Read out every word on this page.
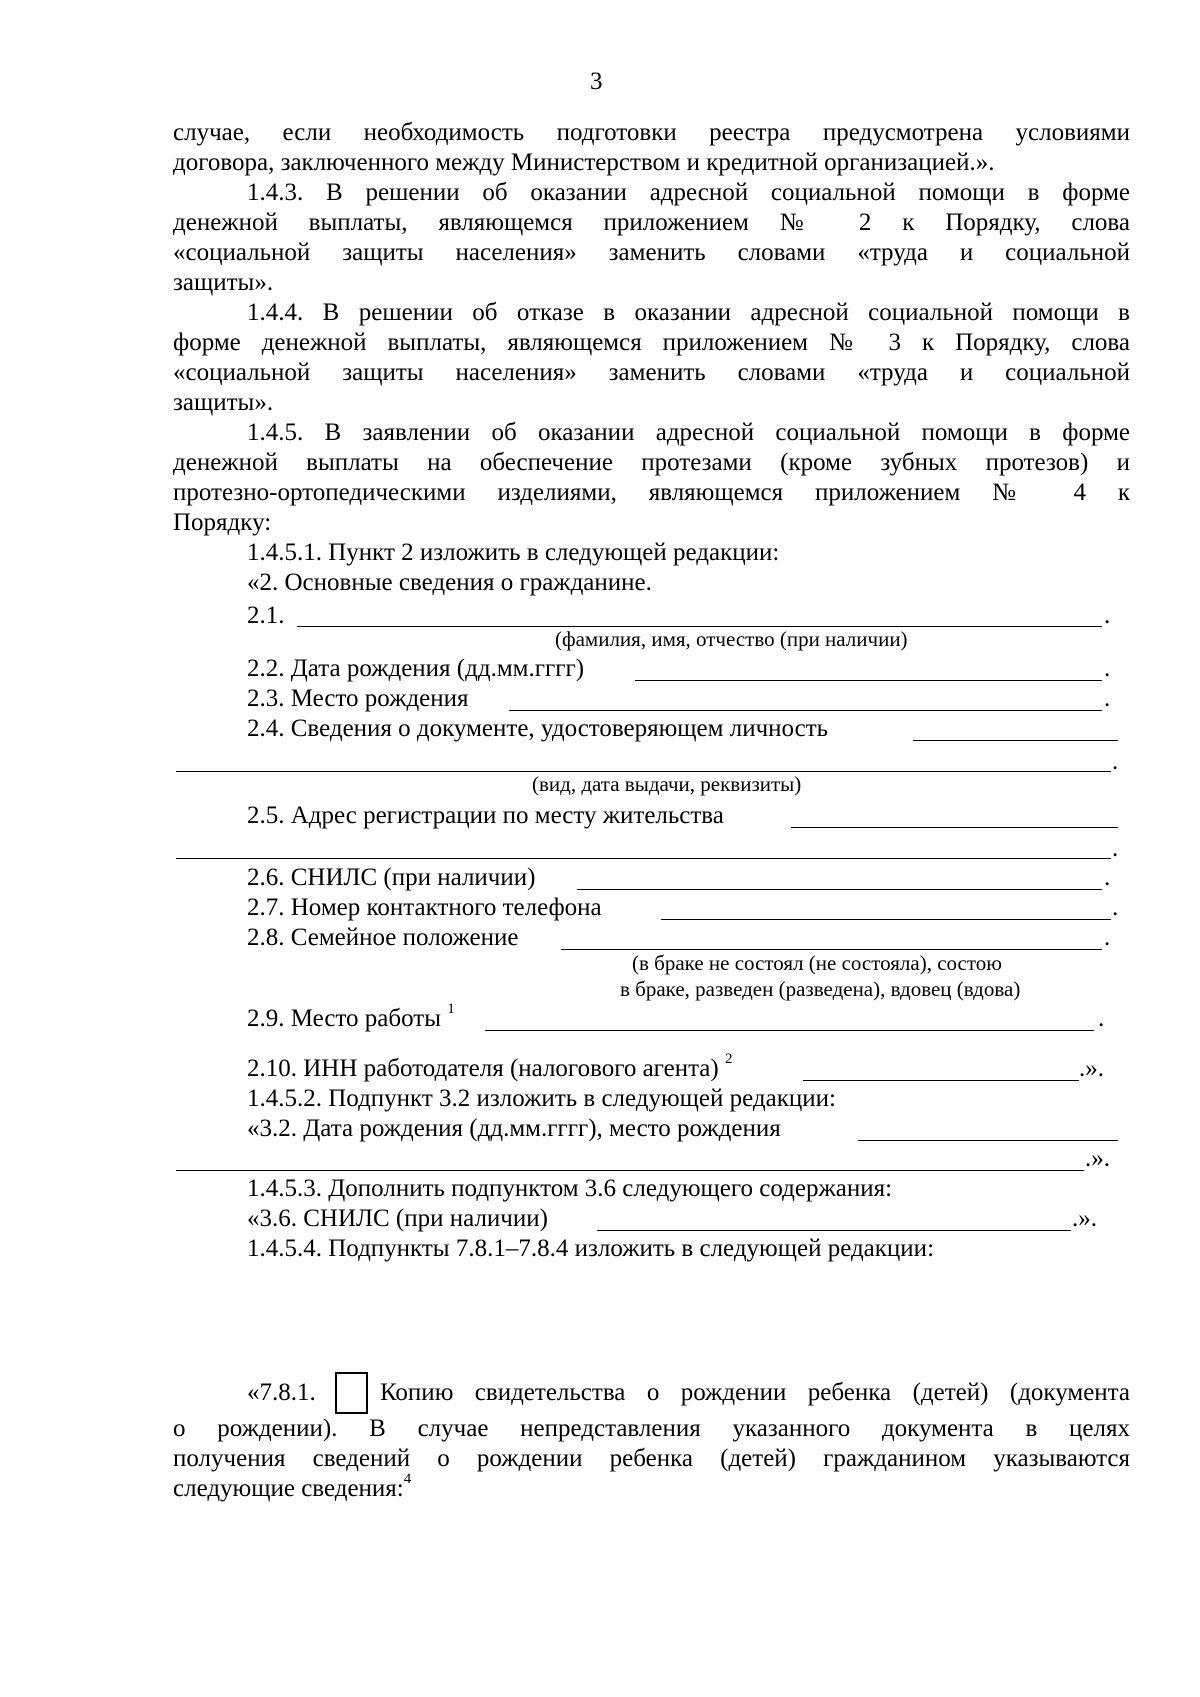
3
случае, если необходимость подготовки реестра предусмотрена условиями
договора, заключенного между Министерством и кредитной организацией.».
1.4.3. В решении об оказании адресной социальной помощи в форме
денежной выплаты, являющемся приложением № 2 к Порядку, слова
«социальной защиты населения» заменить словами «труда и социальной
защиты».
1.4.4. В решении об отказе в оказании адресной социальной помощи в
форме денежной выплаты, являющемся приложением № 3 к Порядку, слова
«социальной защиты населения» заменить словами «труда и социальной
защиты».
1.4.5. В заявлении об оказании адресной социальной помощи в форме
денежной выплаты на обеспечение протезами (кроме зубных протезов) и
протезно-ортопедическими изделиями, являющемся приложением № 4 к
Порядку:
1.4.5.1. Пункт 2 изложить в следующей редакции:
«2. Основные сведения о гражданине.
2.1.	.
(фамилия, имя, отчество (при наличии)
2.2. Дата рождения (дд.мм.гггг)	.
2.3. Место рождения	.
2.4. Сведения о документе, удостоверяющем личность
.
(вид, дата выдачи, реквизиты)
2.5. Адрес регистрации по месту жительства
.
2.6. СНИЛС (при наличии)	.
2.7. Номер контактного телефона	.
2.8. Семейное положение	.
(в браке не состоял (не состояла), состою
в браке, разведен (разведена), вдовец (вдова)
2.9. Место работы $^1$	.
2.10. ИНН работодателя (налогового агента) $^2$	.».
1.4.5.2. Подпункт 3.2 изложить в следующей редакции:
«3.2. Дата рождения (дд.мм.гггг), место рождения
.».
1.4.5.3. Дополнить подпунктом 3.6 следующего содержания:
«3.6. СНИЛС (при наличии)	.».
1.4.5.4. Подпункты 7.8.1–7.8.4 изложить в следующей редакции:
«7.8.1.	Копию свидетельства о рождении ребенка (детей) (документа
о рождении). В случае непредставления указанного документа в целях
получения сведений о рождении ребенка (детей) гражданином указываются
следующие сведения:$^4$
